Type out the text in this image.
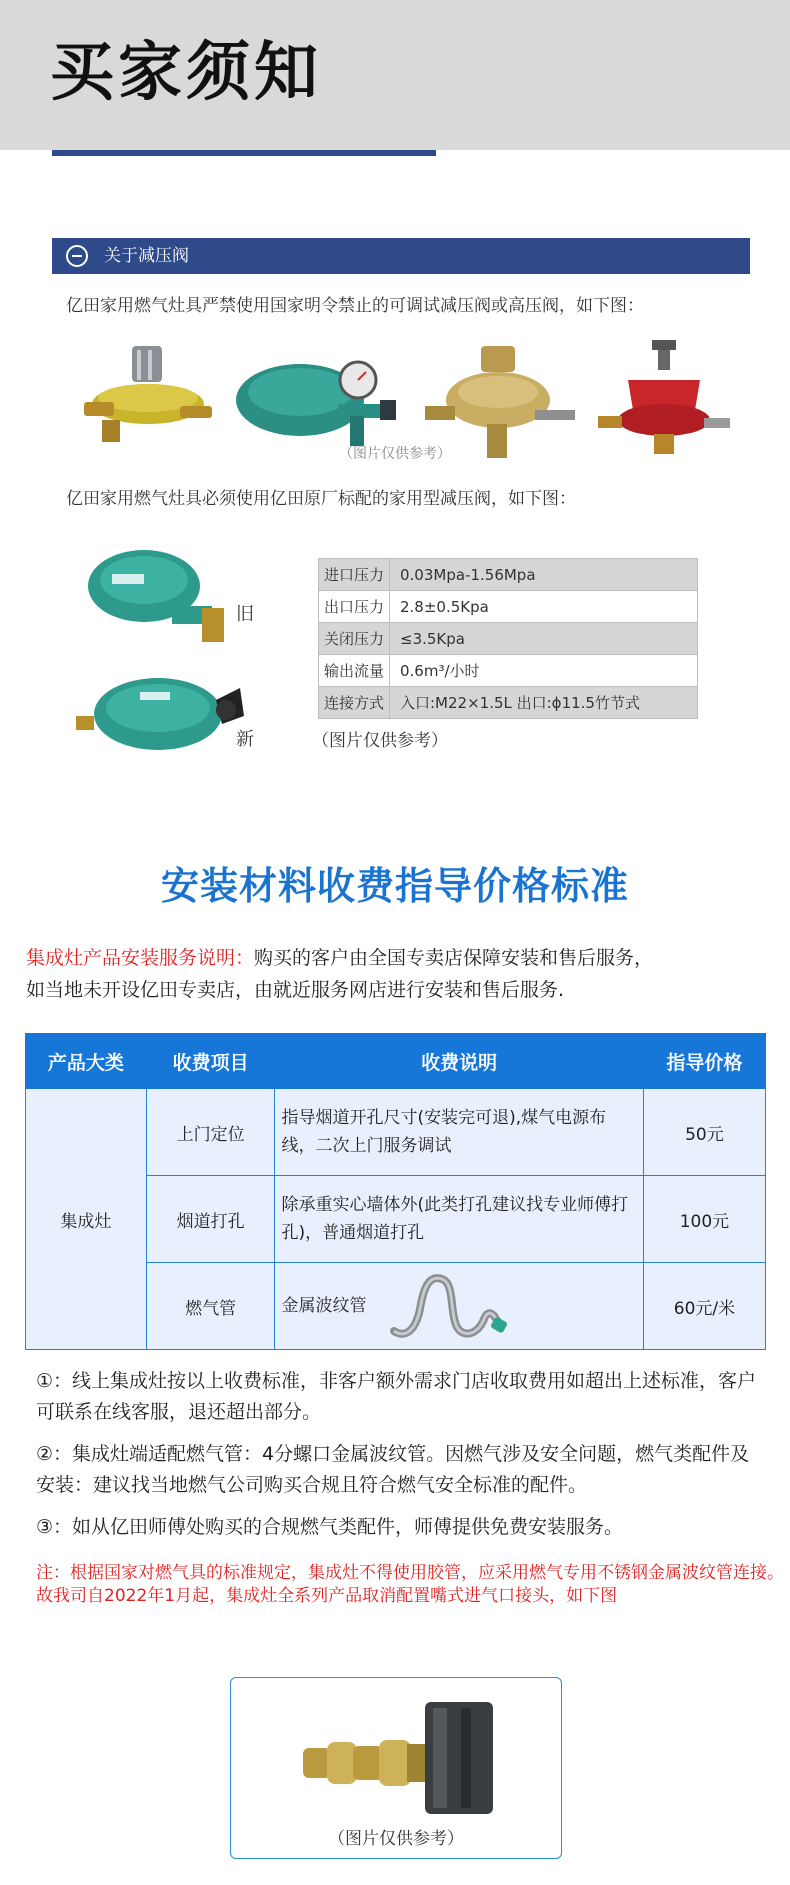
买家须知
关于减压阀
亿田家用燃气灶具严禁使用国家明令禁止的可调试减压阀或高压阀，如下图：
（图片仅供参考）
亿田家用燃气灶具必须使用亿田原厂标配的家用型减压阀，如下图：
旧
新
进口压力	0.03Mpa-1.56Mpa
出口压力	2.8±0.5Kpa
关闭压力	≤3.5Kpa
输出流量	0.6m³/小时
连接方式	入口:M22×1.5L 出口:ϕ11.5竹节式
（图片仅供参考）
安装材料收费指导价格标准
集成灶产品安装服务说明：购买的客户由全国专卖店保障安装和售后服务，
如当地未开设亿田专卖店，由就近服务网店进行安装和售后服务.
产品大类	收费项目	收费说明	指导价格
集成灶	上门定位	指导烟道开孔尺寸(安装完可退),煤气电源布线，二次上门服务调试	50元
	烟道打孔	除承重实心墙体外(此类打孔建议找专业师傅打孔)，普通烟道打孔	100元
	燃气管	金属波纹管	60元/米

①：线上集成灶按以上收费标准，非客户额外需求门店收取费用如超出上述标准，客户可联系在线客服，退还超出部分。

②：集成灶端适配燃气管：4分螺口金属波纹管。因燃气涉及安全问题，燃气类配件及安装：建议找当地燃气公司购买合规且符合燃气安全标准的配件。

③：如从亿田师傅处购买的合规燃气类配件，师傅提供免费安装服务。

注：根据国家对燃气具的标准规定，集成灶不得使用胶管，应采用燃气专用不锈钢金属波纹管连接。
故我司自2022年1月起，集成灶全系列产品取消配置嘴式进气口接头，如下图
（图片仅供参考）
